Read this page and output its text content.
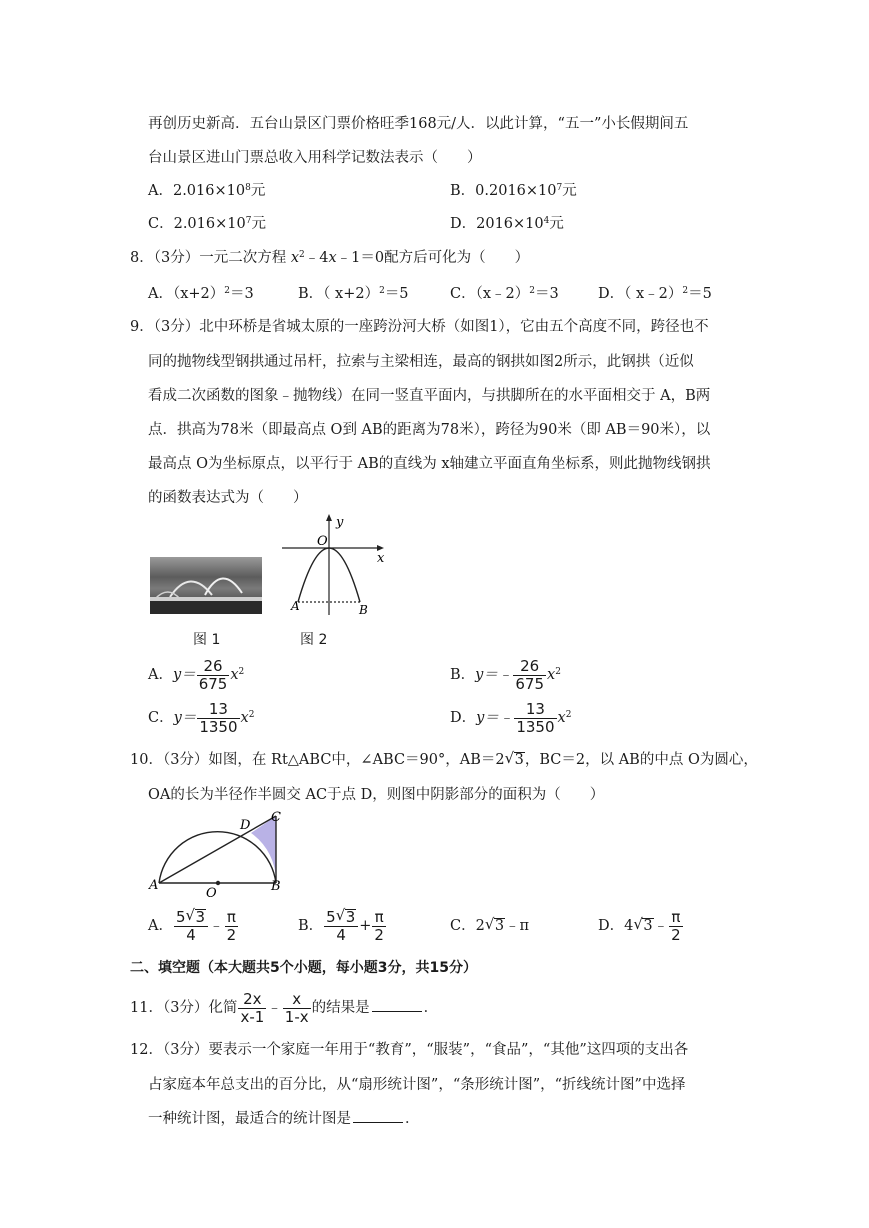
再创历史新高．五台山景区门票价格旺季168元/人．以此计算，“五一”小长假期间五
台山景区进山门票总收入用科学记数法表示（　　）
A．$2.016\times 10^8$元	B．$0.2016\times 10^7$元
C．$2.016\times 10^7$元	D．$2016\times 10^4$元
8．（3分）一元二次方程 $x^2﹣4x﹣1=0$配方后可化为（　　）
A．$(x+2)^2=3$	B．（ x+2）$^2$＝5	C．（x﹣2）$^2$＝3	D．（ x﹣2）$^2$＝5
9．（3分）北中环桥是省城太原的一座跨汾河大桥（如图1），它由五个高度不同，跨径也不
同的抛物线型钢拱通过吊杆，拉索与主梁相连，最高的钢拱如图2所示，此钢拱（近似
看成二次函数的图象﹣抛物线）在同一竖直平面内，与拱脚所在的水平面相交于 A，B两
点．拱高为78米（即最高点 O到 AB的距离为78米），跨径为90米（即 AB＝90米），以
最高点 O为坐标原点，以平行于 AB的直线为 x轴建立平面直角坐标系，则此抛物线钢拱
的函数表达式为（　　）
图 1
y
x
O
A	B
图 2
A．$y= \frac{26}{675} x^2$	B．y＝﹣ $\frac{26}{675} x^2$
C．$y= \frac{13}{1350} x^2$	D．y＝﹣ $\frac{13}{1350} x^2$
10．（3分）如图，在 Rt△ABC中，∠ABC＝90°，AB＝2 √ 3，BC＝2，以 AB的中点 O为圆心，
OA的长为半径作半圆交 AC于点 D，则图中阴影部分的面积为（　　）
A	B
C
D
O
A． $\frac{5 √ 3}{4}$ ﹣ $\frac{\pi}{2}$	B． $\frac{5 √ 3}{4} + \frac{\pi}{2}$	C．2 √ 3﹣π	D．4 √ 3﹣ $\frac{\pi}{2}$
二、填空题（本大题共5个小题，每小题3分，共15分）
11．（3分）化简 $\frac{2x}{x-1}$ ﹣ $\frac{x}{1-x}$ 的结果是	．
12．（3分）要表示一个家庭一年用于“教育”，“服装”，“食品”，“其他”这四项的支出各
占家庭本年总支出的百分比，从“扇形统计图”，“条形统计图”，“折线统计图”中选择
一种统计图，最适合的统计图是	．
